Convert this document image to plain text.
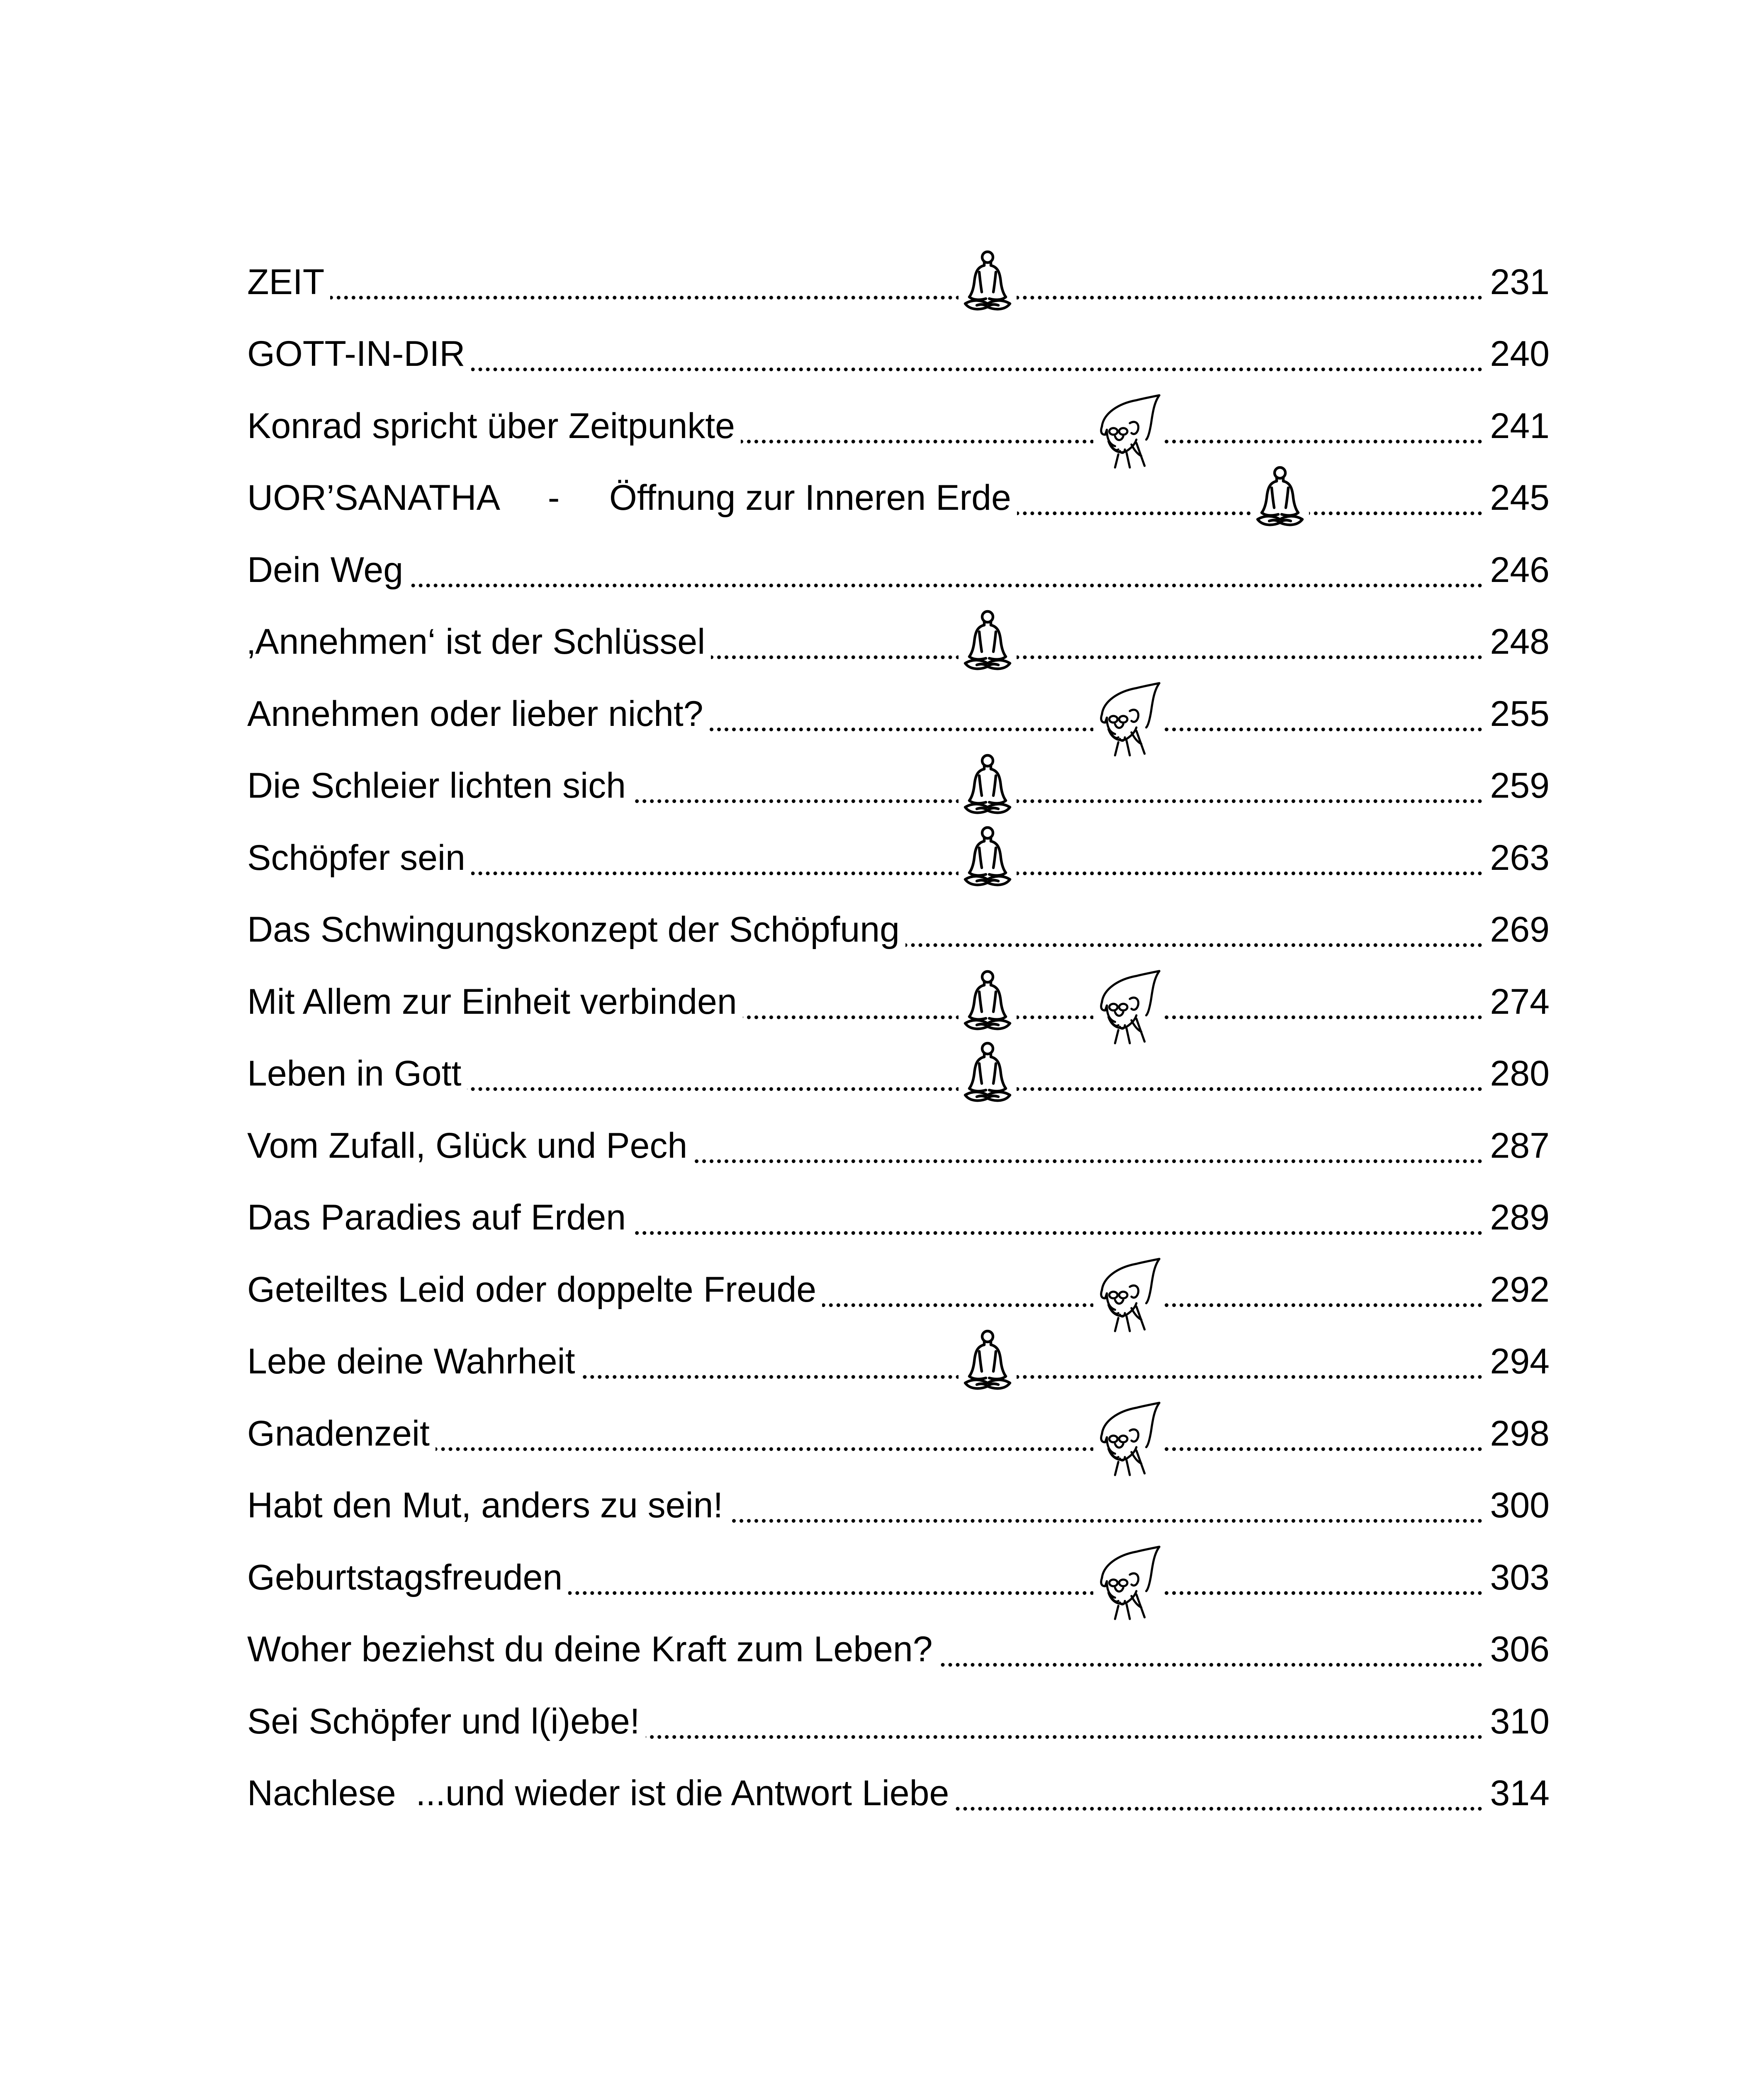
ZEIT	231
GOTT-IN-DIR	240
Konrad spricht über Zeitpunkte	241
UOR’SANATHA     -     Öffnung zur Inneren Erde	245
Dein Weg	246
‚Annehmen‘ ist der Schlüssel	248
Annehmen oder lieber nicht?	255
Die Schleier lichten sich	259
Schöpfer sein	263
Das Schwingungskonzept der Schöpfung	269
Mit Allem zur Einheit verbinden	274
Leben in Gott	280
Vom Zufall, Glück und Pech	287
Das Paradies auf Erden	289
Geteiltes Leid oder doppelte Freude	292
Lebe deine Wahrheit	294
Gnadenzeit	298
Habt den Mut, anders zu sein!	300
Geburtstagsfreuden	303
Woher beziehst du deine Kraft zum Leben?	306
Sei Schöpfer und l(i)ebe!	310
Nachlese  ...und wieder ist die Antwort Liebe	314
